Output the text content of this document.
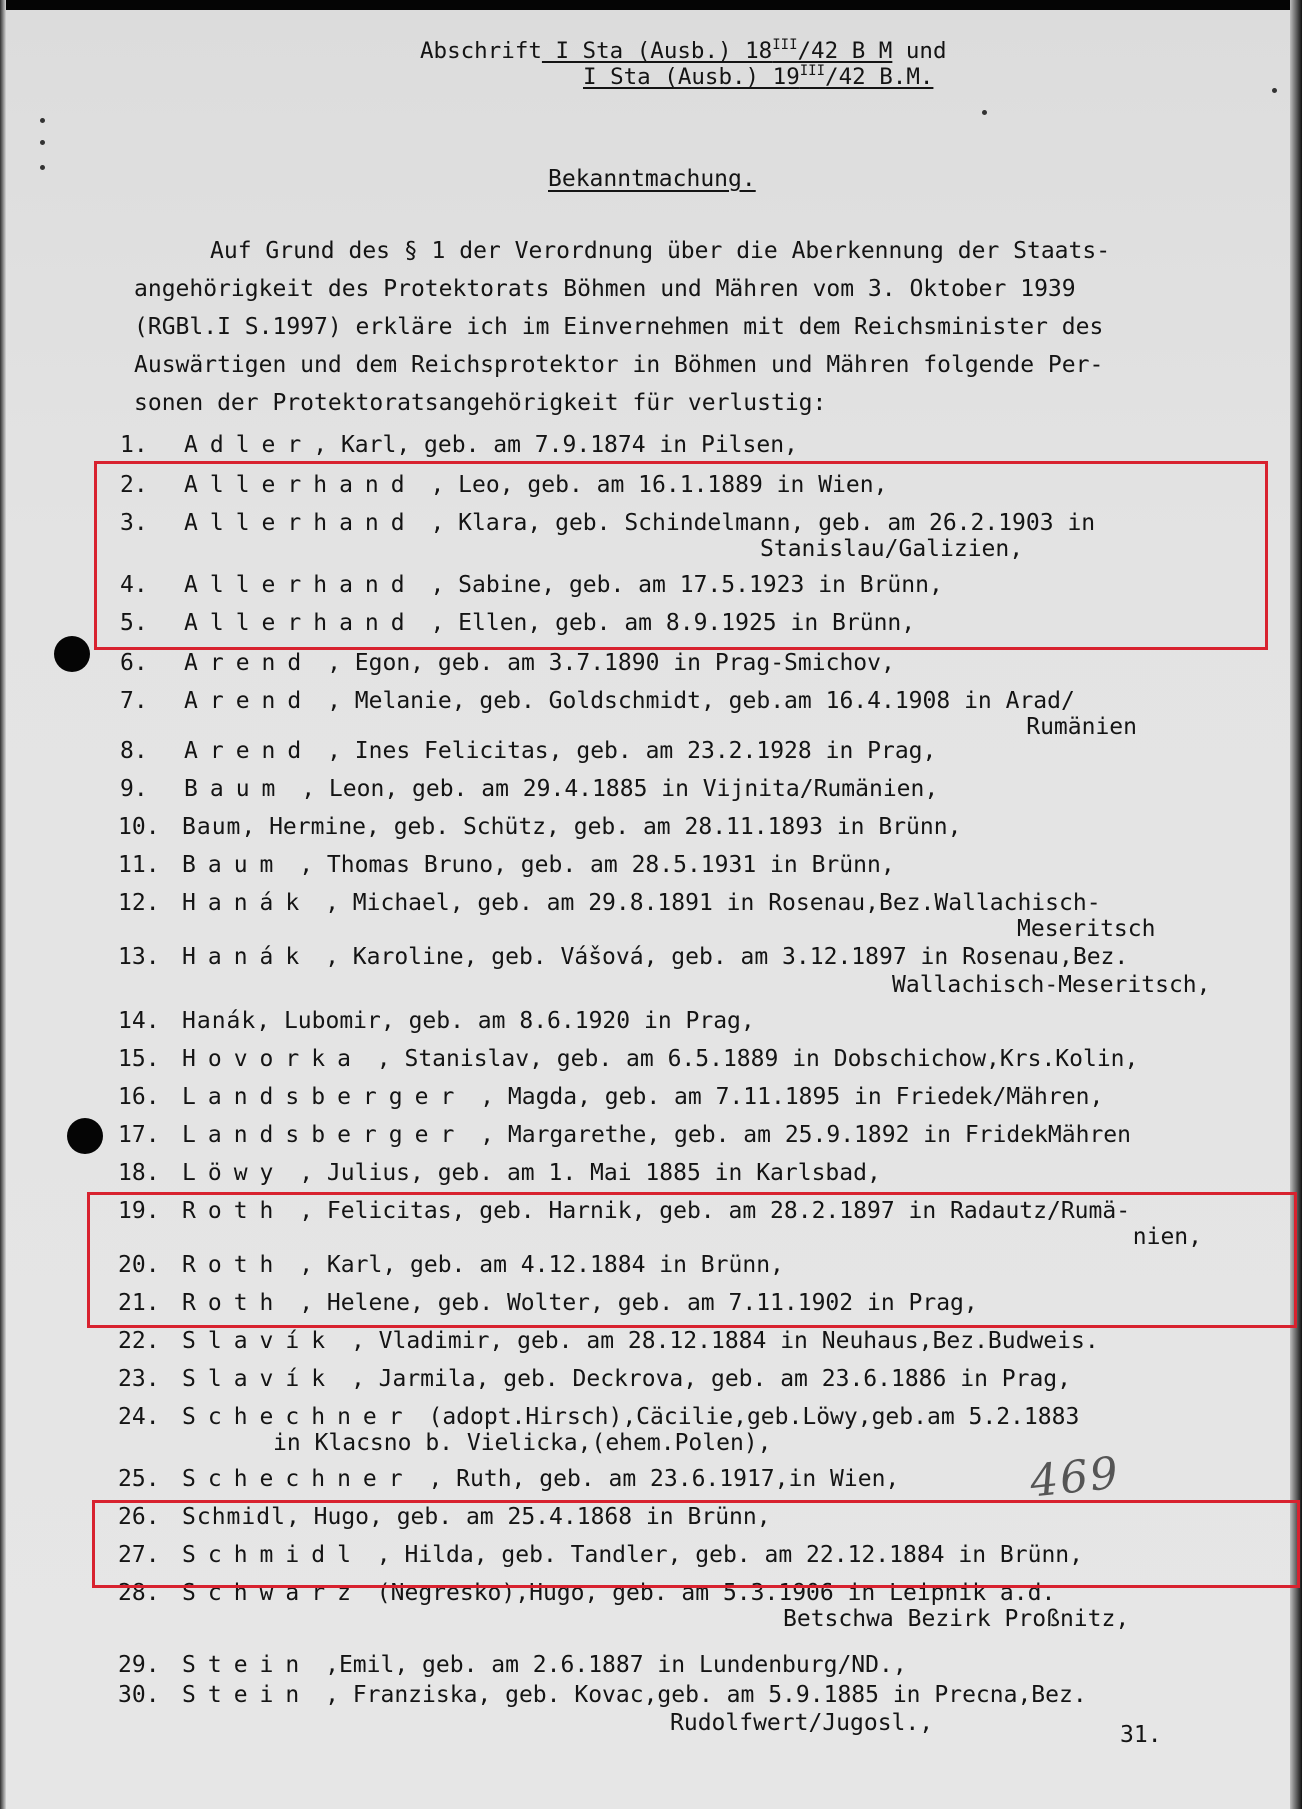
Abschrift I Sta (Ausb.) $18^{III}/42$ B M und
I Sta (Ausb.) $19^{III}/42$ B.M.
Bekanntmachung.
Auf Grund des § 1 der Verordnung über die Aberkennung der Staats-
angehörigkeit des Protektorats Böhmen und Mähren vom 3. Oktober 1939
(RGBl.I S.1997) erkläre ich im Einvernehmen mit dem Reichsminister des
Auswärtigen und dem Reichsprotektor in Böhmen und Mähren folgende Per-
sonen der Protektoratsangehörigkeit für verlustig:
1. Adler, Karl, geb. am 7.9.1874 in Pilsen,
2. Allerhand , Leo, geb. am 16.1.1889 in Wien,
3. Allerhand , Klara, geb. Schindelmann, geb. am 26.2.1903 in
Stanislau/Galizien,
4. Allerhand , Sabine, geb. am 17.5.1923 in Brünn,
5. Allerhand , Ellen, geb. am 8.9.1925 in Brünn,
6. Arend , Egon, geb. am 3.7.1890 in Prag-Smichov,
7. Arend , Melanie, geb. Goldschmidt, geb.am 16.4.1908 in Arad/
Rumänien
8. Arend , Ines Felicitas, geb. am 23.2.1928 in Prag,
9. Baum , Leon, geb. am 29.4.1885 in Vijnita/Rumänien,
10. Baum, Hermine, geb. Schütz, geb. am 28.11.1893 in Brünn,
11. Baum , Thomas Bruno, geb. am 28.5.1931 in Brünn,
12. Hanák , Michael, geb. am 29.8.1891 in Rosenau,Bez.Wallachisch-
Meseritsch
13. Hanák , Karoline, geb. Vášová, geb. am 3.12.1897 in Rosenau,Bez.
Wallachisch-Meseritsch,
14. Hanák, Lubomir, geb. am 8.6.1920 in Prag,
15. Hovorka , Stanislav, geb. am 6.5.1889 in Dobschichow,Krs.Kolin,
16. Landsberger , Magda, geb. am 7.11.1895 in Friedek/Mähren,
17. Landsberger , Margarethe, geb. am 25.9.1892 in FridekMähren
18. Löwy , Julius, geb. am 1. Mai 1885 in Karlsbad,
19. Roth , Felicitas, geb. Harnik, geb. am 28.2.1897 in Radautz/Rumä-
nien,
20. Roth , Karl, geb. am 4.12.1884 in Brünn,
21. Roth , Helene, geb. Wolter, geb. am 7.11.1902 in Prag,
22. Slavík , Vladimir, geb. am 28.12.1884 in Neuhaus,Bez.Budweis.
23. Slavík , Jarmila, geb. Deckrova, geb. am 23.6.1886 in Prag,
24. Schechner (adopt.Hirsch),Cäcilie,geb.Löwy,geb.am 5.2.1883
in Klacsno b. Vielicka,(ehem.Polen),
25. Schechner , Ruth, geb. am 23.6.1917,in Wien,
26. Schmidl, Hugo, geb. am 25.4.1868 in Brünn,
27. Schmidl , Hilda, geb. Tandler, geb. am 22.12.1884 in Brünn,
28. Schwarz (Negresko),Hugo, geb. am 5.3.1906 in Leipnik a.d.
Betschwa Bezirk Proßnitz,
29. Stein ,Emil, geb. am 2.6.1887 in Lundenburg/ND.,
30. Stein , Franziska, geb. Kovac,geb. am 5.9.1885 in Precna,Bez.
Rudolfwert/Jugosl.,
469
31.
